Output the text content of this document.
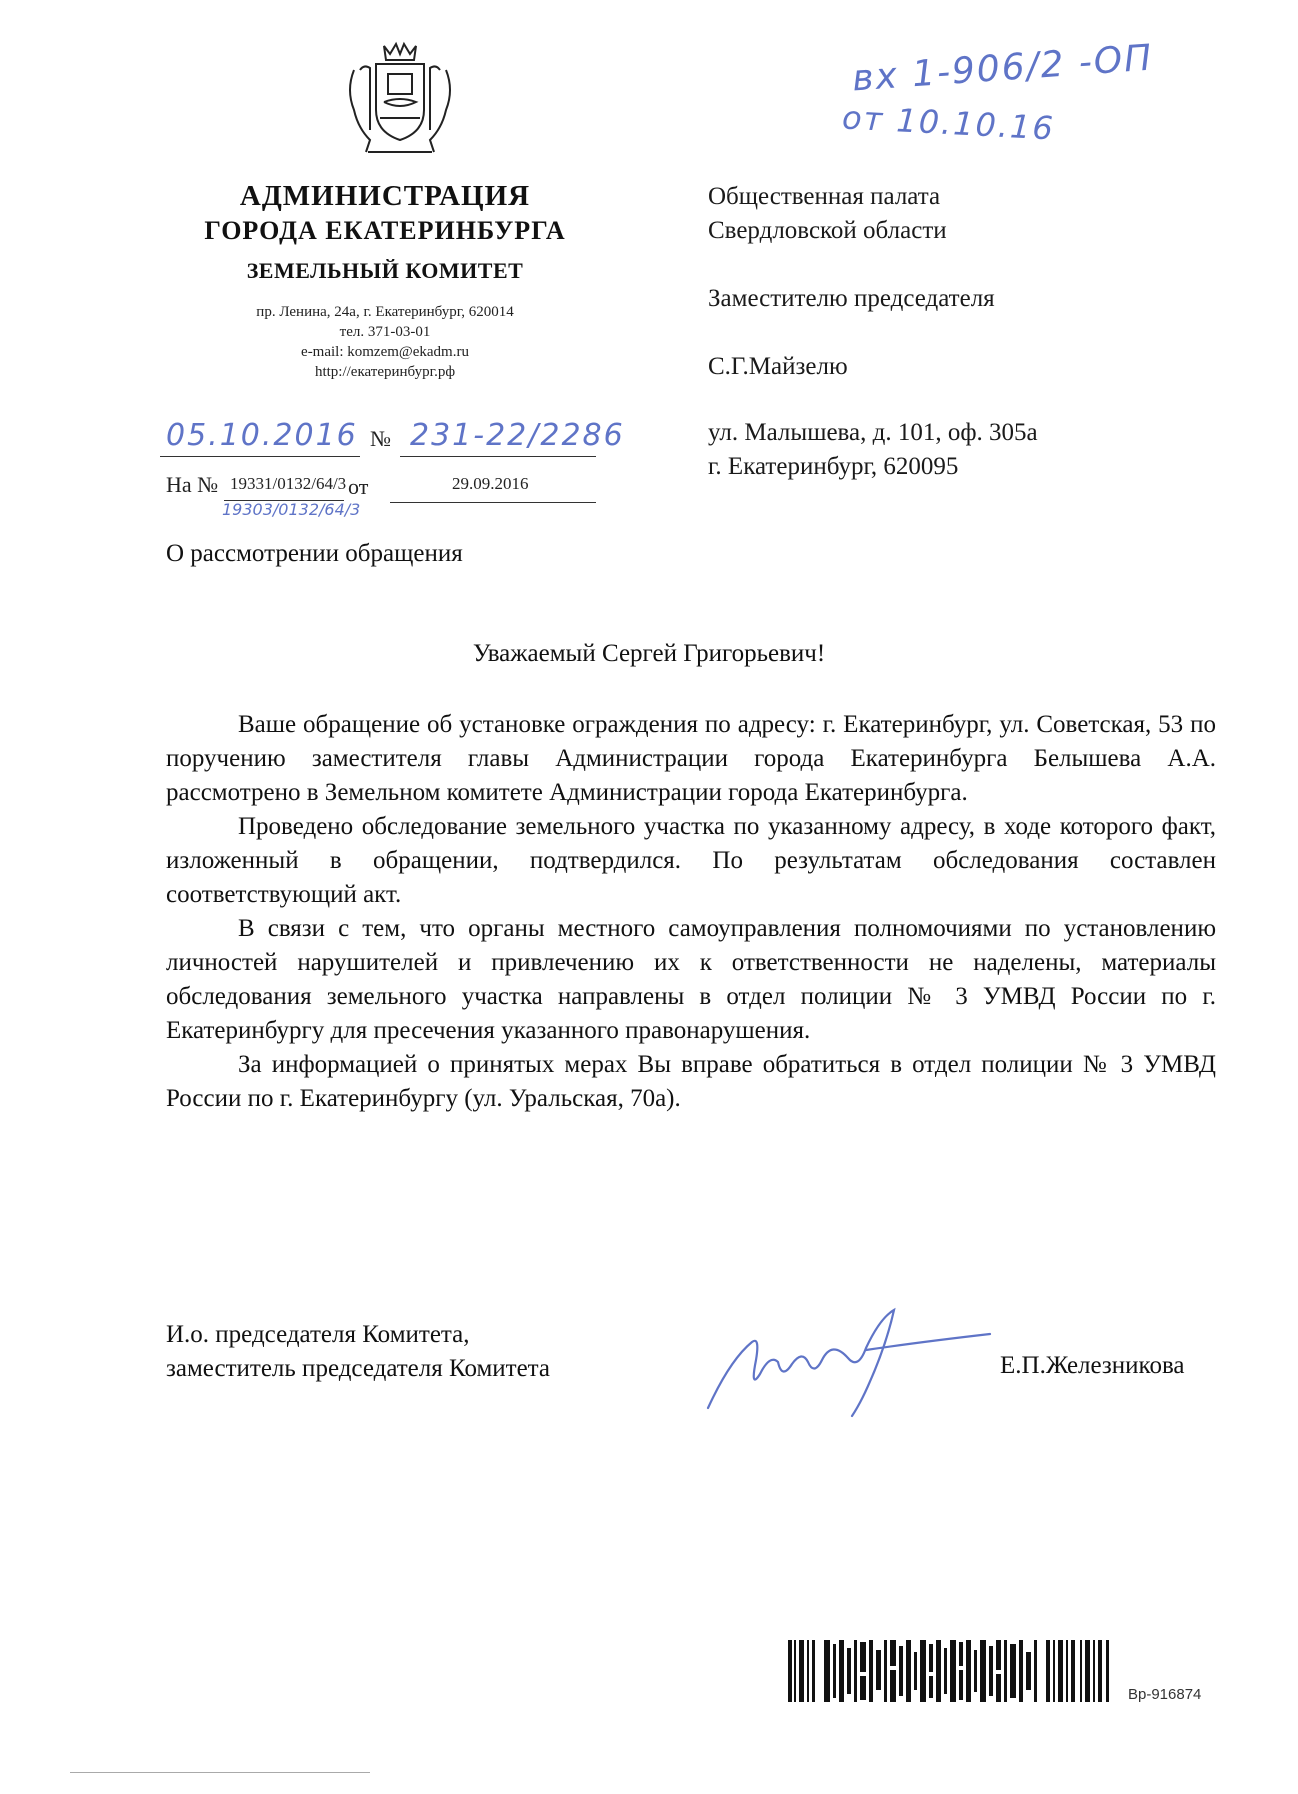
АДМИНИСТРАЦИЯ
ГОРОДА ЕКАТЕРИНБУРГА
ЗЕМЕЛЬНЫЙ КОМИТЕТ
пр. Ленина, 24а, г. Екатеринбург, 620014
тел. 371-03-01
e-mail: komzem@ekadm.ru
http://екатеринбург.рф
вх 1-906/2 -ОП
от 10.10.16
Общественная палата
Свердловской области
Заместителю председателя
С.Г.Майзелю
ул. Малышева, д. 101, оф. 305а
г. Екатеринбург, 620095
05.10.2016 № 231-22/2286
На № 19331/0132/64/3 от	29.09.2016
19303/0132/64/3
О рассмотрении обращения
Уважаемый Сергей Григорьевич!

Ваше обращение об установке ограждения по адресу: г. Екатеринбург, ул. Советская, 53 по поручению заместителя главы Администрации города Екатеринбурга Белышева А.А. рассмотрено в Земельном комитете Администрации города Екатеринбурга.

Проведено обследование земельного участка по указанному адресу, в ходе которого факт, изложенный в обращении, подтвердился. По результатам обследования составлен соответствующий акт.

В связи с тем, что органы местного самоуправления полномочиями по установлению личностей нарушителей и привлечению их к ответственности не наделены, материалы обследования земельного участка направлены в отдел полиции № 3 УМВД России по г. Екатеринбургу для пресечения указанного правонарушения.

За информацией о принятых мерах Вы вправе обратиться в отдел полиции № 3 УМВД России по г. Екатеринбургу (ул. Уральская, 70а).

И.о. председателя Комитета,
заместитель председателя Комитета	Е.П.Железникова
Вр-916874
